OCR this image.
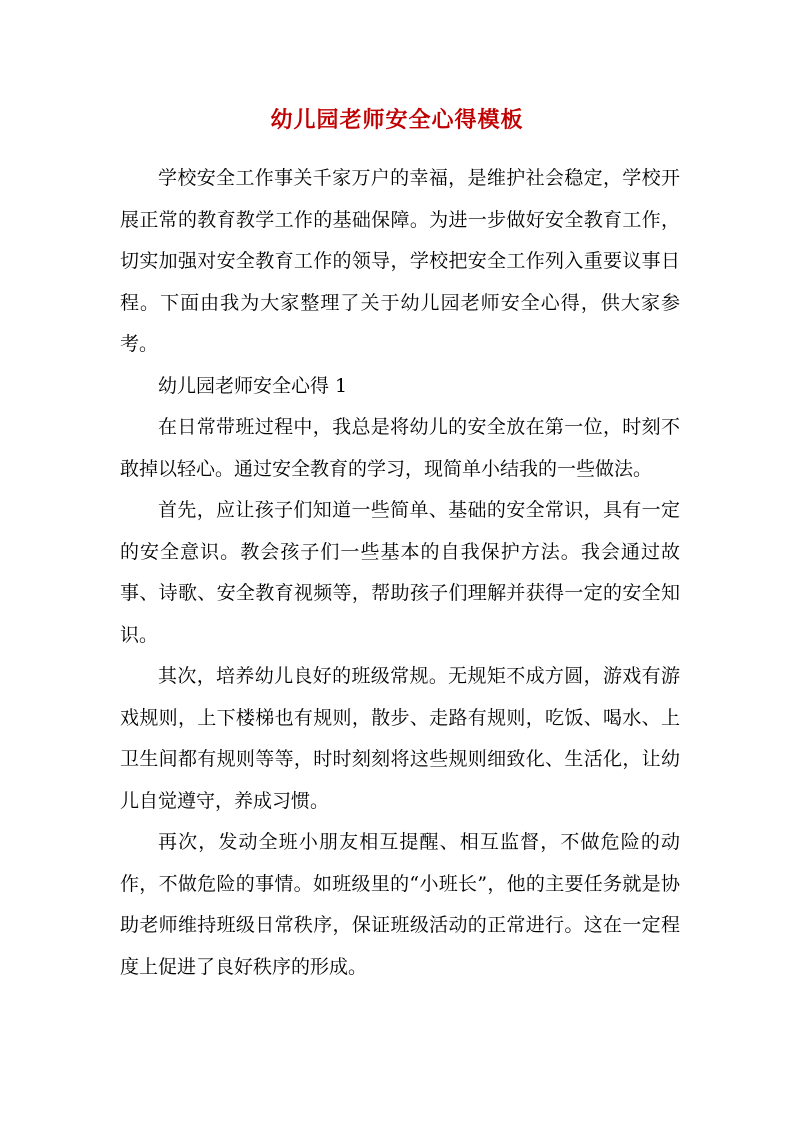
幼儿园老师安全心得模板

学校安全工作事关千家万户的幸福，是维护社会稳定，学校开展正常的教育教学工作的基础保障。为进一步做好安全教育工作，切实加强对安全教育工作的领导，学校把安全工作列入重要议事日程。下面由我为大家整理了关于幼儿园老师安全心得，供大家参考。

幼儿园老师安全心得 1

在日常带班过程中，我总是将幼儿的安全放在第一位，时刻不敢掉以轻心。通过安全教育的学习，现简单小结我的一些做法。

首先，应让孩子们知道一些简单、基础的安全常识，具有一定的安全意识。教会孩子们一些基本的自我保护方法。我会通过故事、诗歌、安全教育视频等，帮助孩子们理解并获得一定的安全知识。

其次，培养幼儿良好的班级常规。无规矩不成方圆，游戏有游戏规则，上下楼梯也有规则，散步、走路有规则，吃饭、喝水、上卫生间都有规则等等，时时刻刻将这些规则细致化、生活化，让幼儿自觉遵守，养成习惯。

再次，发动全班小朋友相互提醒、相互监督，不做危险的动作，不做危险的事情。如班级里的“小班长”，他的主要任务就是协助老师维持班级日常秩序，保证班级活动的正常进行。这在一定程度上促进了良好秩序的形成。
